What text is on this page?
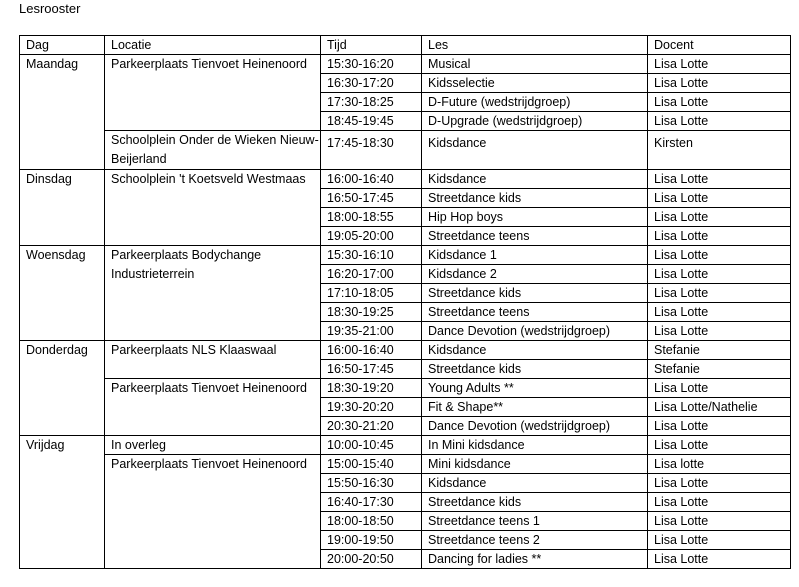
Lesrooster
Dag	Locatie	Tijd	Les	Docent
Maandag	Parkeerplaats Tienvoet Heinenoord	15:30-16:20	Musical	Lisa Lotte
		16:30-17:20	Kidsselectie	Lisa Lotte
		17:30-18:25	D-Future (wedstrijdgroep)	Lisa Lotte
		18:45-19:45	D-Upgrade (wedstrijdgroep)	Lisa Lotte
	Schoolplein Onder de Wieken Nieuw-Beijerland	17:45-18:30	Kidsdance	Kirsten
Dinsdag	Schoolplein 't Koetsveld Westmaas	16:00-16:40	Kidsdance	Lisa Lotte
		16:50-17:45	Streetdance kids	Lisa Lotte
		18:00-18:55	Hip Hop boys	Lisa Lotte
		19:05-20:00	Streetdance teens	Lisa Lotte
Woensdag	Parkeerplaats Bodychange Industrieterrein	15:30-16:10	Kidsdance 1	Lisa Lotte
		16:20-17:00	Kidsdance 2	Lisa Lotte
		17:10-18:05	Streetdance kids	Lisa Lotte
		18:30-19:25	Streetdance teens	Lisa Lotte
		19:35-21:00	Dance Devotion (wedstrijdgroep)	Lisa Lotte
Donderdag	Parkeerplaats NLS Klaaswaal	16:00-16:40	Kidsdance	Stefanie
		16:50-17:45	Streetdance kids	Stefanie
	Parkeerplaats Tienvoet Heinenoord	18:30-19:20	Young Adults **	Lisa Lotte
		19:30-20:20	Fit & Shape**	Lisa Lotte/Nathelie
		20:30-21:20	Dance Devotion (wedstrijdgroep)	Lisa Lotte
Vrijdag	In overleg	10:00-10:45	In Mini kidsdance	Lisa Lotte
	Parkeerplaats Tienvoet Heinenoord	15:00-15:40	Mini kidsdance	Lisa lotte
		15:50-16:30	Kidsdance	Lisa Lotte
		16:40-17:30	Streetdance kids	Lisa Lotte
		18:00-18:50	Streetdance teens 1	Lisa Lotte
		19:00-19:50	Streetdance teens 2	Lisa Lotte
		20:00-20:50	Dancing for ladies **	Lisa Lotte
